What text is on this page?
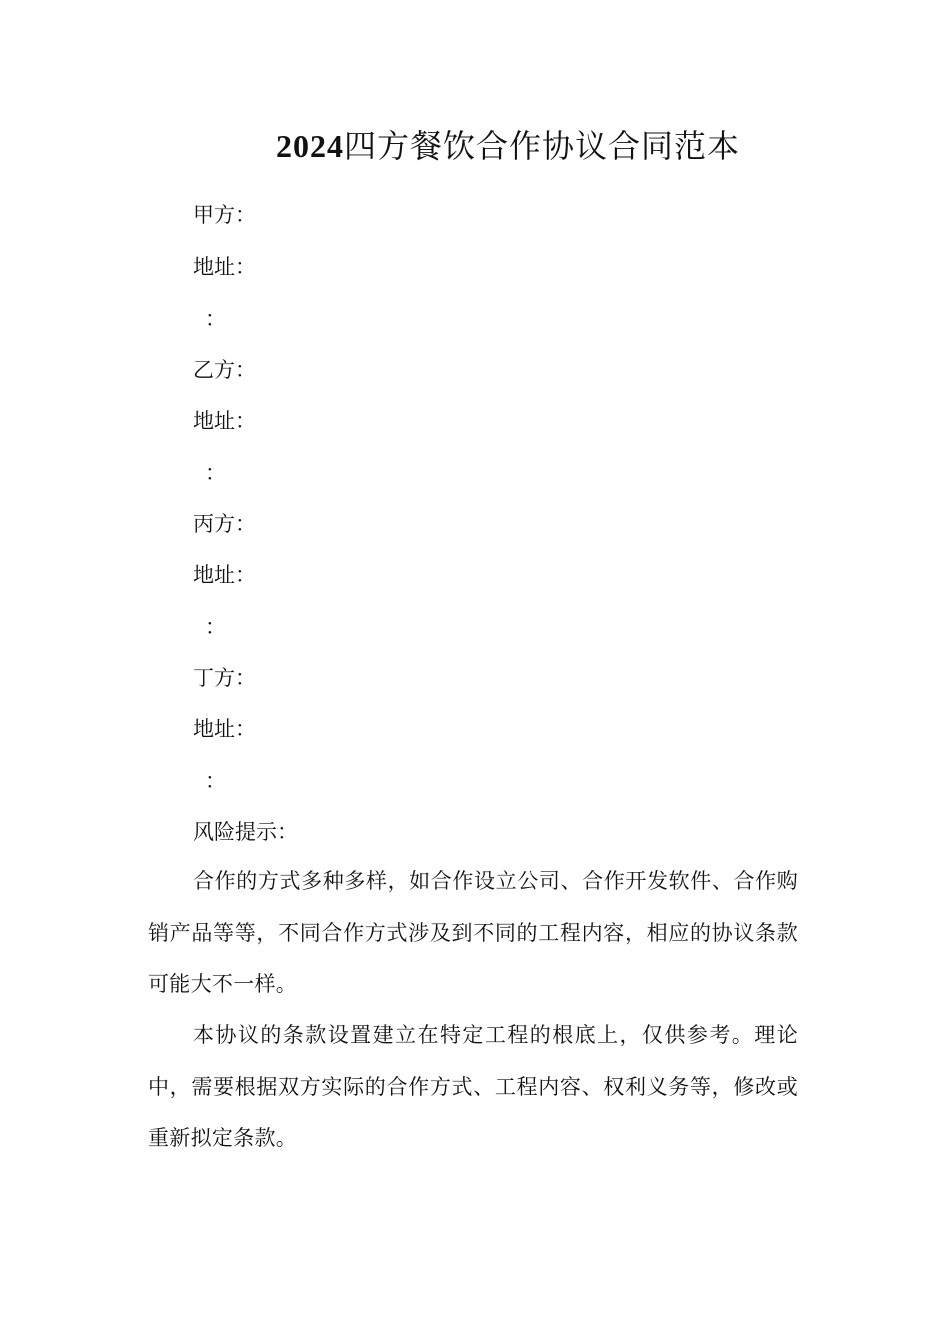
2024四方餐饮合作协议合同范本
甲方：
地址：
：
乙方：
地址：
：
丙方：
地址：
：
丁方：
地址：
：
风险提示：
合作的方式多种多样，如合作设立公司、合作开发软件、合作购销产品等等，不同合作方式涉及到不同的工程内容，相应的协议条款可能大不一样。
本协议的条款设置建立在特定工程的根底上，仅供参考。理论中，需要根据双方实际的合作方式、工程内容、权利义务等，修改或重新拟定条款。
